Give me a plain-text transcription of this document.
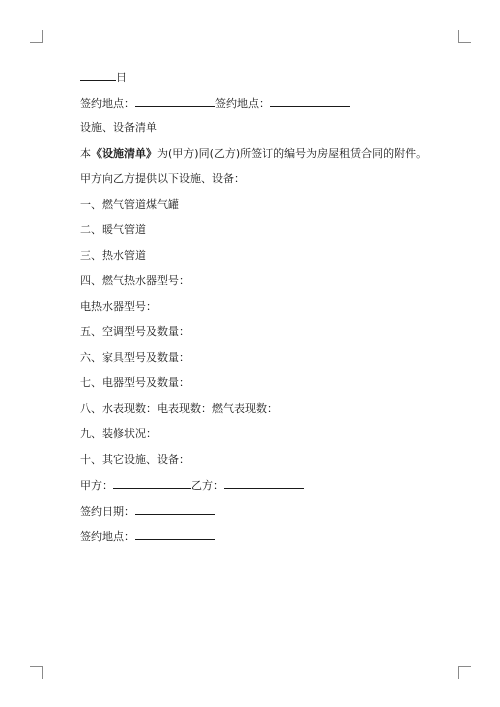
日
签约地点：	签约地点：
设施、设备清单
本《设施清单》为(甲方)同(乙方)所签订的编号为房屋租赁合同的附件。
甲方向乙方提供以下设施、设备：
一、燃气管道煤气罐
二、暖气管道
三、热水管道
四、燃气热水器型号：
电热水器型号：
五、空调型号及数量：
六、家具型号及数量：
七、电器型号及数量：
八、水表现数：电表现数：燃气表现数：
九、装修状况：
十、其它设施、设备：
甲方：	乙方：
签约日期：
签约地点：
